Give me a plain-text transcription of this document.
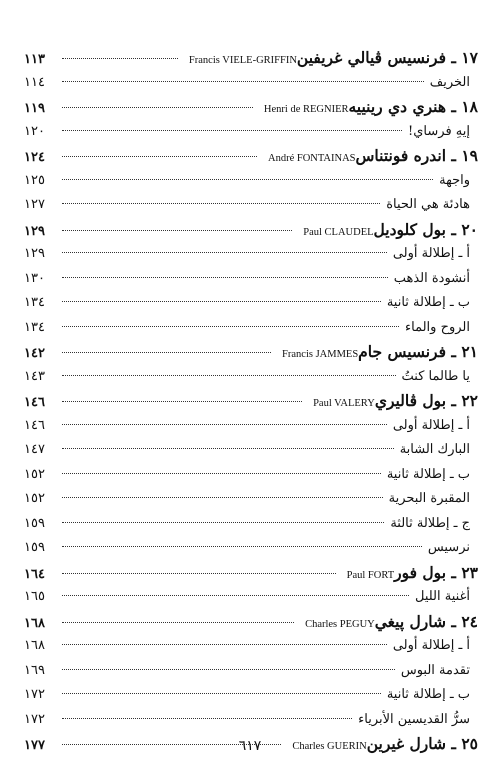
١٧ ـ فرنسيس ڤيالي غريفين
Francis VIELE-GRIFFIN
١١٣
الخريف
١١٤
١٨ ـ هنري دي رينييه
Henri de REGNIER
١١٩
إيهِ فرساي!
١٢٠
١٩ ـ اندره فونتناس
André FONTAINAS
١٢٤
واجهة
١٢٥
هادئة هي الحياة
١٢٧
٢٠ ـ بول كلوديل
Paul CLAUDEL
١٢٩
أ ـ إطلالة أولى
١٢٩
أنشودة الذهب
١٣٠
ب ـ إطلالة ثانية
١٣٤
الروح والماء
١٣٤
٢١ ـ فرنسيس جام
Francis JAMMES
١٤٢
يا طالما كنتُ
١٤٣
٢٢ ـ بول ڤاليري
Paul VALERY
١٤٦
أ ـ إطلالة أولى
١٤٦
البارك الشابة
١٤٧
ب ـ إطلالة ثانية
١٥٢
المقبرة البحرية
١٥٢
ج ـ إطلالة ثالثة
١٥٩
نرسيس
١٥٩
٢٣ ـ بول فور
Paul FORT
١٦٤
أغنية الليل
١٦٥
٢٤ ـ شارل پيغي
Charles PEGUY
١٦٨
أ ـ إطلالة أولى
١٦٨
تقدمة البوس
١٦٩
ب ـ إطلالة ثانية
١٧٢
سرُّ القديسين الأبرياء
١٧٢
٢٥ ـ شارل غيرين
Charles GUERIN
١٧٧	٦١٧
